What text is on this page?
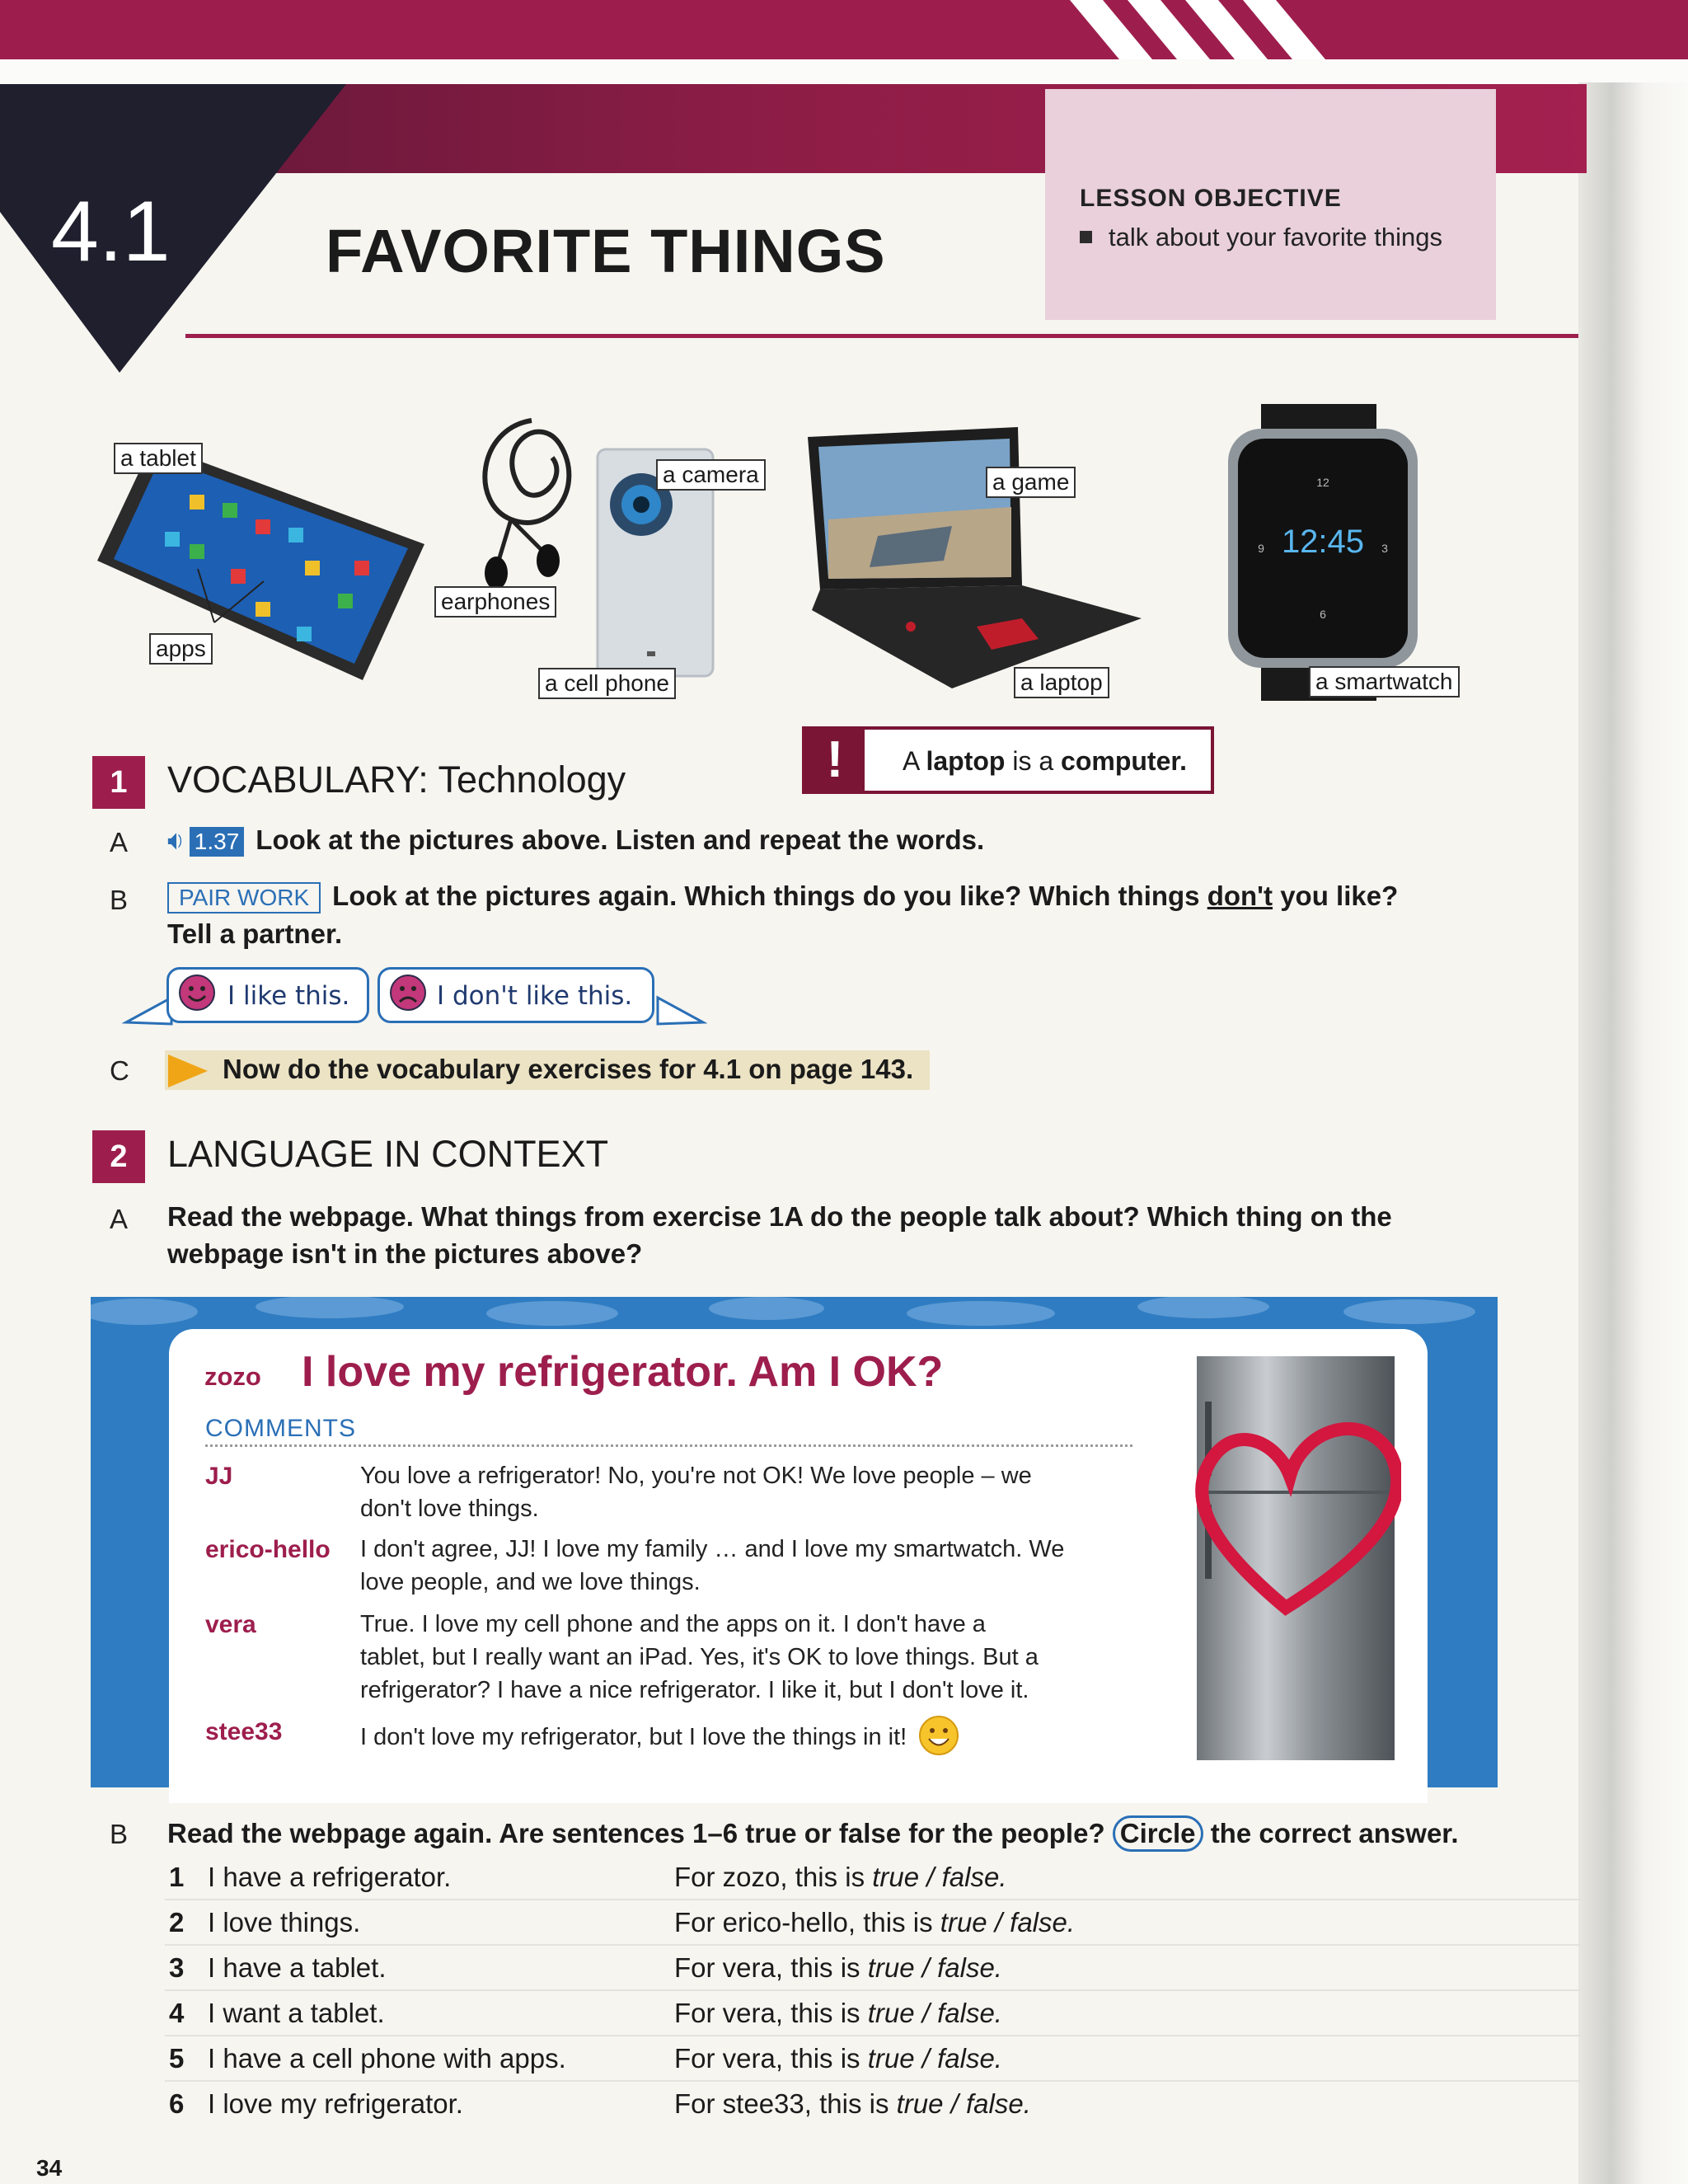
4.1	FAVORITE THINGS
LESSON OBJECTIVE
talk about your favorite things
a tablet
apps
earphones
a camera
a cell phone
a game
a laptop
12:45
12
6
9	3
a smartwatch
!	A laptop is a computer.
1	VOCABULARY: Technology
A 🔉︎ 1.37 Look at the pictures above. Listen and repeat the words.
B	PAIR WORK Look at the pictures again. Which things do you like? Which things don't you like?
Tell a partner.
I like this.	I don't like this.
C	Now do the vocabulary exercises for 4.1 on page 143.
2	LANGUAGE IN CONTEXT
A Read the webpage. What things from exercise 1A do the people talk about? Which thing on the
webpage isn't in the pictures above?
zozo I love my refrigerator. Am I OK?
COMMENTS
JJ	You love a refrigerator! No, you're not OK! We love people – we
don't love things.
erico-hello I don't agree, JJ! I love my family … and I love my smartwatch. We
love people, and we love things.
vera	True. I love my cell phone and the apps on it. I don't have a
tablet, but I really want an iPad. Yes, it's OK to love things. But a
refrigerator? I have a nice refrigerator. I like it, but I don't love it.
stee33	I don't love my refrigerator, but I love the things in it!
B Read the webpage again. Are sentences 1–6 true or false for the people? Circle the correct answer.
1 I have a refrigerator.	For zozo, this is true / false.
2 I love things.	For erico-hello, this is true / false.
3 I have a tablet.	For vera, this is true / false.
4 I want a tablet.	For vera, this is true / false.
5 I have a cell phone with apps.	For vera, this is true / false.
6 I love my refrigerator.	For stee33, this is true / false.
34
